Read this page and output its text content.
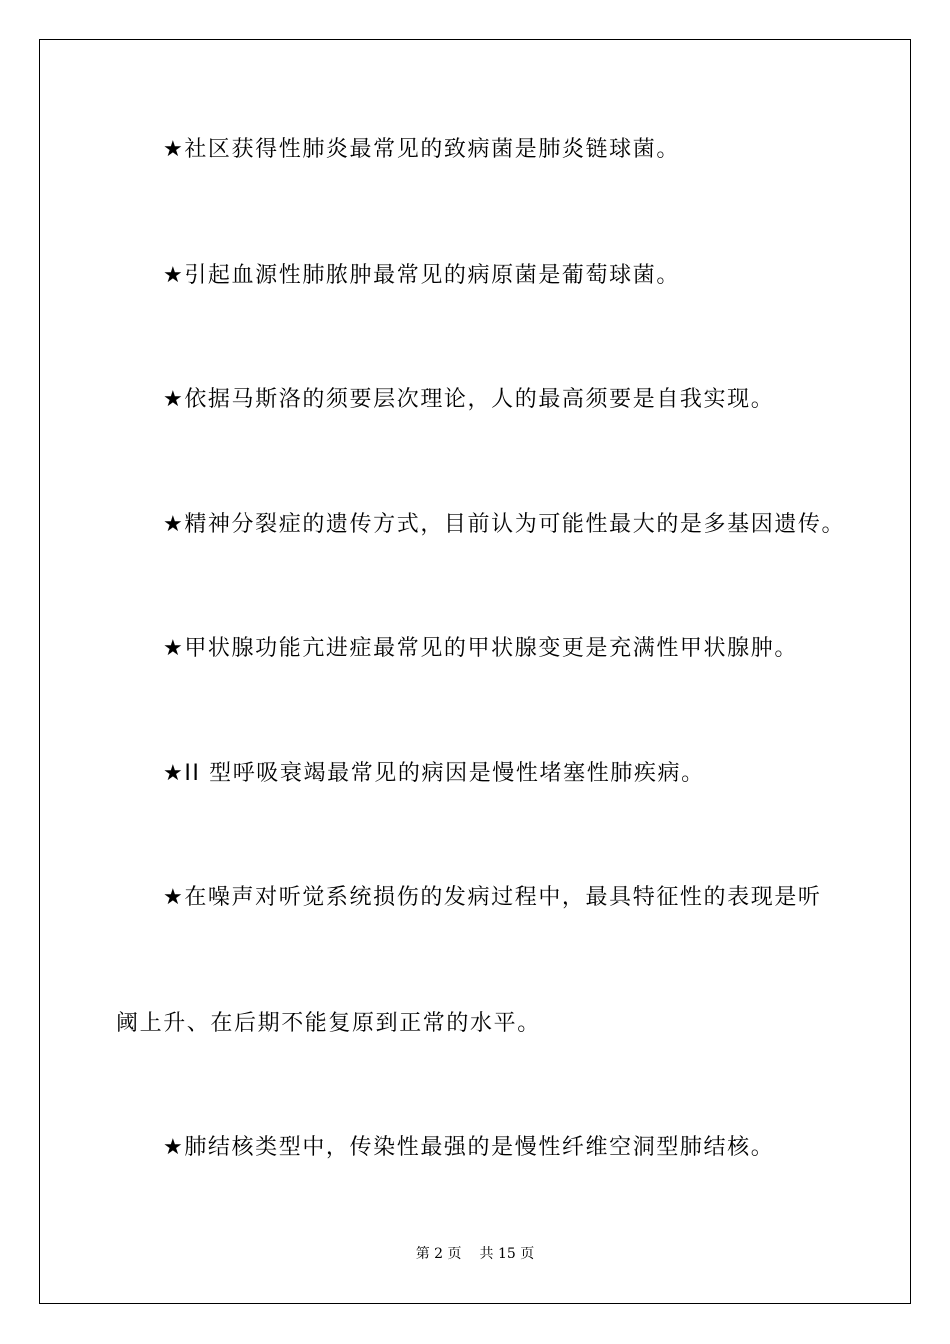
★社区获得性肺炎最常见的致病菌是肺炎链球菌。
★引起血源性肺脓肿最常见的病原菌是葡萄球菌。
★依据马斯洛的须要层次理论，人的最高须要是自我实现。
★精神分裂症的遗传方式，目前认为可能性最大的是多基因遗传。
★甲状腺功能亢进症最常见的甲状腺变更是充满性甲状腺肿。
★II 型呼吸衰竭最常见的病因是慢性堵塞性肺疾病。
★在噪声对听觉系统损伤的发病过程中，最具特征性的表现是听
阈上升、在后期不能复原到正常的水平。
★肺结核类型中，传染性最强的是慢性纤维空洞型肺结核。
第 2 页 共 15 页
